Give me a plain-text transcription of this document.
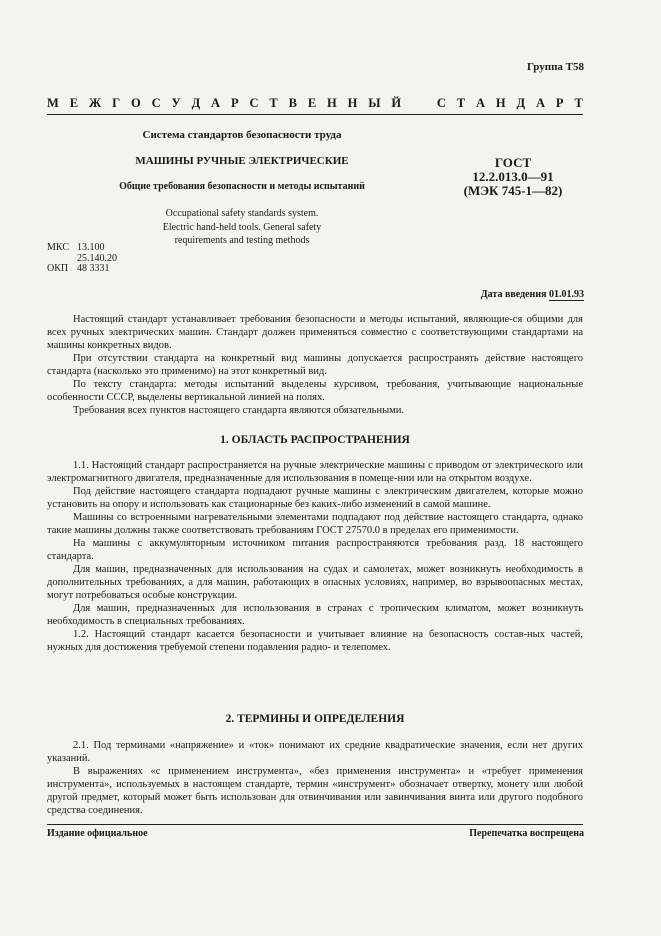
Группа Т58
М Е Ж Г О С У Д А Р С Т В Е Н Н Ы Й	С Т А Н Д А Р Т
Система стандартов безопасности труда
МАШИНЫ РУЧНЫЕ ЭЛЕКТРИЧЕСКИЕ
Общие требования безопасности и методы испытаний
Occupational safety standards system.
Electric hand-held tools. General safety
requirements and testing methods
ГОСТ
12.2.013.0—91
(МЭК 745-1—82)
МКС 13.100
25.140.20
ОКП 48 3331
Дата введения 01.01.93

Настоящий стандарт устанавливает требования безопасности и методы испытаний, являющие-ся общими для всех ручных электрических машин. Стандарт должен применяться совместно с соответствующими стандартами на машины конкретных видов.

При отсутствии стандарта на конкретный вид машины допускается распространять действие настоящего стандарта (насколько это применимо) на этот конкретный вид.

По тексту стандарта: методы испытаний выделены курсивом, требования, учитывающие национальные особенности СССР, выделены вертикальной линией на полях.

Требования всех пунктов настоящего стандарта являются обязательными.

1. ОБЛАСТЬ РАСПРОСТРАНЕНИЯ

1.1. Настоящий стандарт распространяется на ручные электрические машины с приводом от электрического или электромагнитного двигателя, предназначенные для использования в помеще-нии или на открытом воздухе.

Под действие настоящего стандарта подпадают ручные машины с электрическим двигателем, которые можно установить на опору и использовать как стационарные без каких-либо изменений в самой машине.

Машины со встроенными нагревательными элементами подпадают под действие настоящего стандарта, однако такие машины должны также соответствовать требованиям ГОСТ 27570.0 в пределах его применимости.

На машины с аккумуляторным источником питания распространяются требования разд. 18 настоящего стандарта.

Для машин, предназначенных для использования на судах и самолетах, может возникнуть необходимость в дополнительных требованиях, а для машин, работающих в опасных условиях, например, во взрывоопасных местах, могут потребоваться особые конструкции.

Для машин, предназначенных для использования в странах с тропическим климатом, может возникнуть необходимость в специальных требованиях.

1.2. Настоящий стандарт касается безопасности и учитывает влияние на безопасность состав-ных частей, нужных для достижения требуемой степени подавления радио- и телепомех.

2. ТЕРМИНЫ И ОПРЕДЕЛЕНИЯ

2.1. Под терминами «напряжение» и «ток» понимают их средние квадратические значения, если нет других указаний.

В выражениях «с применением инструмента», «без применения инструмента» и «требует применения инструмента», используемых в настоящем стандарте, термин «инструмент» обозначает отвертку, монету или любой другой предмет, который может быть использован для отвинчивания или завинчивания винта или другого подобного средства соединения.

Издание официальное	Перепечатка воспрещена
